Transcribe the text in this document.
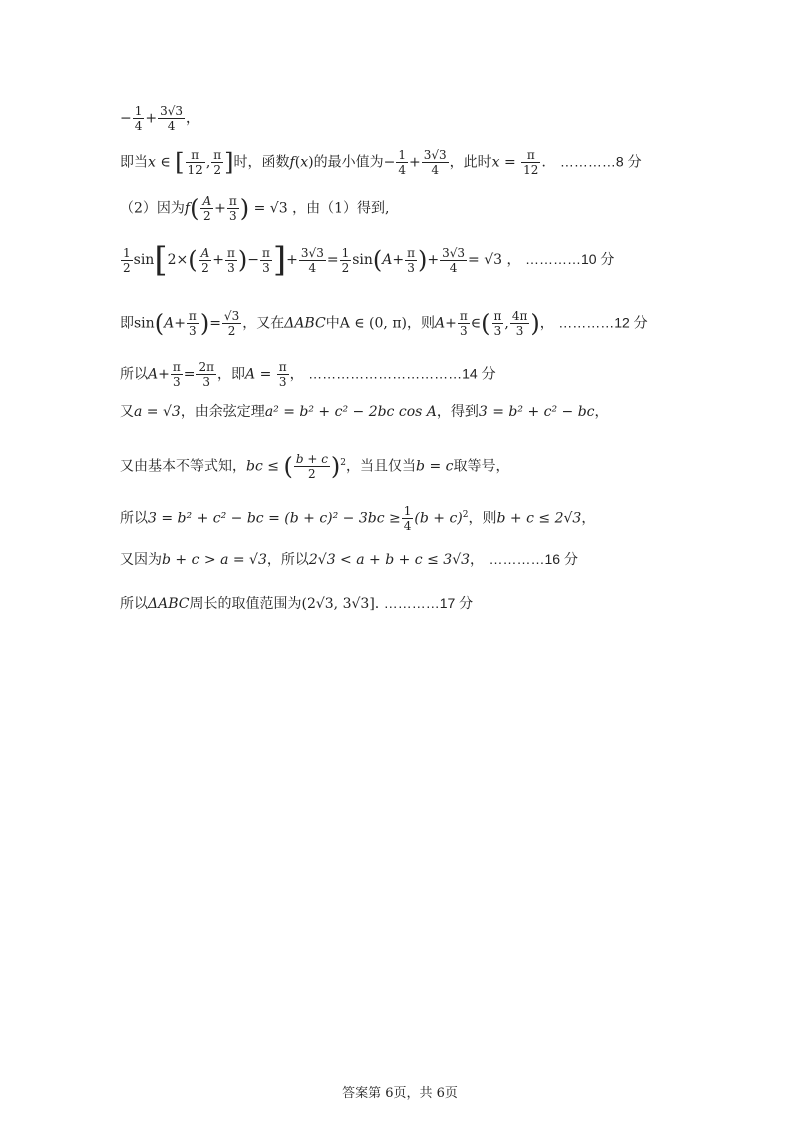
− $\frac{1}{4} + \frac{3√3}{4}$ ，
即当x ∈ [ $\frac{\pi}{12}$ , $\frac{\pi}{2}$ ]时，函数f(x)的最小值为− $\frac{1}{4} + \frac{3√3}{4}$ ，此时$x = \frac{\pi}{12}$ ． …………8 分
（2）因为$f( \frac{A}{2} + \frac{\pi}{3}$ ) = √3 ，由（1）得到,
$\frac{1}{2} \sin[2\times( \frac{A}{2} + \frac{\pi}{3}$ )− $\frac{\pi}{3}$ ]+ $\frac{3√3}{4} = \frac{1}{2} \sin(A+ \frac{\pi}{3}$ )+ $\frac{3√3}{4} = √3$ ， …………10 分
即$\sin(A+ \frac{\pi}{3}$ )= $\frac{√3}{2}$ ，又在ΔABC中A ∈ (0, π)，则$A+ \frac{\pi}{3}$ ∈( $\frac{\pi}{3}$ , $\frac{4\pi}{3}$ )， …………12 分
所以$A+ \frac{\pi}{3} = \frac{2\pi}{3}$ ，即$A = \frac{\pi}{3}$ ， ……………………………14 分
又a = √3，由余弦定理a² = b² + c² − 2bc cos A，得到3 = b² + c² − bc，
又由基本不等式知，bc ≤ ( $\frac{b + c}{2} )^2$，当且仅当b = c取等号，
所以3 = b² + c² − bc = $(b + c)^2 - 3bc \ge \frac{1}{4} (b + c)^2$，则b + c ≤ 2√3，
又因为b + c > a = √3，所以2√3 < a + b + c ≤ 3√3， …………16 分
所以ΔABC周长的取值范围为(2√3, 3√3]. …………17 分
答案第 6页，共 6页
